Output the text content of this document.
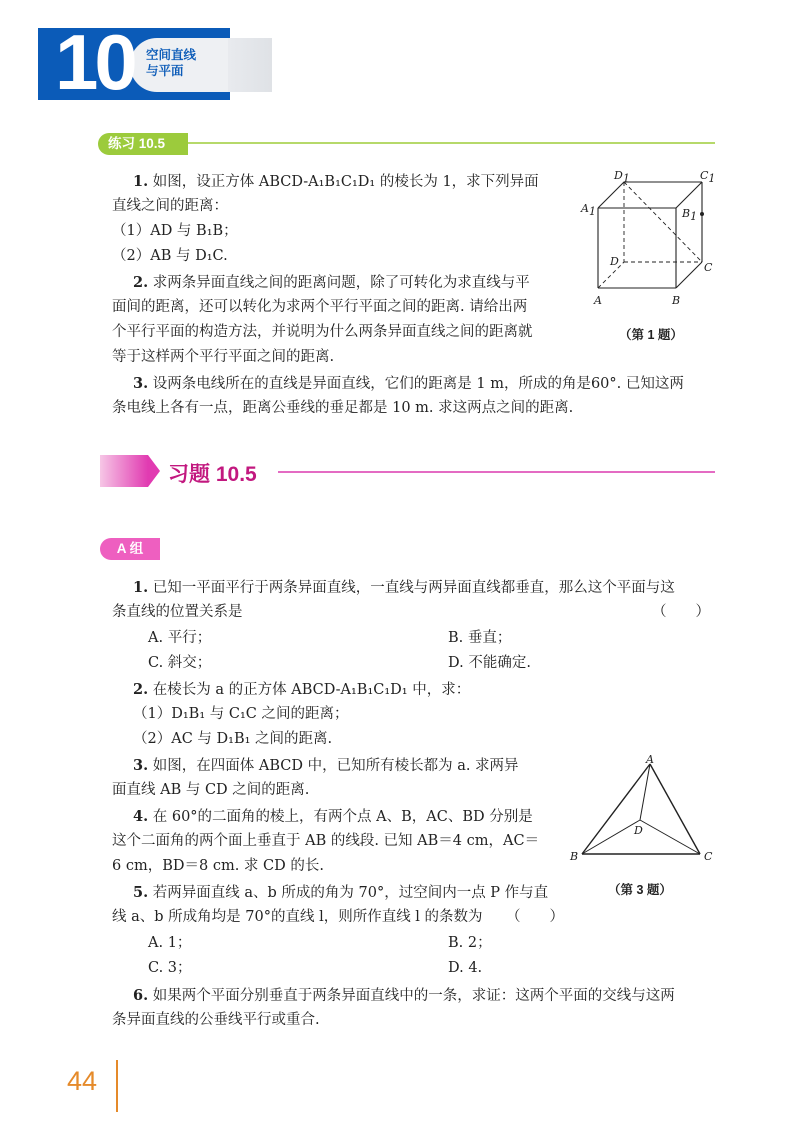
10 空间直线
与平面
练习 10.5
1. 如图，设正方体 ABCD-A₁B₁C₁D₁ 的棱长为 1，求下列异面
直线之间的距离：
（1）AD 与 B₁B；
（2）AB 与 D₁C.
2. 求两条异面直线之间的距离问题，除了可转化为求直线与平
面间的距离，还可以转化为求两个平行平面之间的距离. 请给出两
个平行平面的构造方法，并说明为什么两条异面直线之间的距离就
等于这样两个平行平面之间的距离.
3. 设两条电线所在的直线是异面直线，它们的距离是 1 m，所成的角是60°. 已知这两
条电线上各有一点，距离公垂线的垂足都是 10 m. 求这两点之间的距离.
D1	C1
A1	B1
D	C
A	B
（第 1 题）
习题 10.5
A 组
1. 已知一平面平行于两条异面直线，一直线与两异面直线都垂直，那么这个平面与这
条直线的位置关系是	（　　）
A. 平行；	B. 垂直；
C. 斜交；	D. 不能确定.
2. 在棱长为 a 的正方体 ABCD-A₁B₁C₁D₁ 中，求：
（1）D₁B₁ 与 C₁C 之间的距离；
（2）AC 与 D₁B₁ 之间的距离.
3. 如图，在四面体 ABCD 中，已知所有棱长都为 a. 求两异
面直线 AB 与 CD 之间的距离.
4. 在 60°的二面角的棱上，有两个点 A、B，AC、BD 分别是
这个二面角的两个面上垂直于 AB 的线段. 已知 AB＝4 cm，AC＝
6 cm，BD＝8 cm. 求 CD 的长.
5. 若两异面直线 a、b 所成的角为 70°，过空间内一点 P 作与直
线 a、b 所成角均是 70°的直线 l，则所作直线 l 的条数为 （　　）
A. 1；	B. 2；
C. 3；	D. 4.
6. 如果两个平面分别垂直于两条异面直线中的一条，求证：这两个平面的交线与这两
条异面直线的公垂线平行或重合.
A
D
B	C
（第 3 题）
44
